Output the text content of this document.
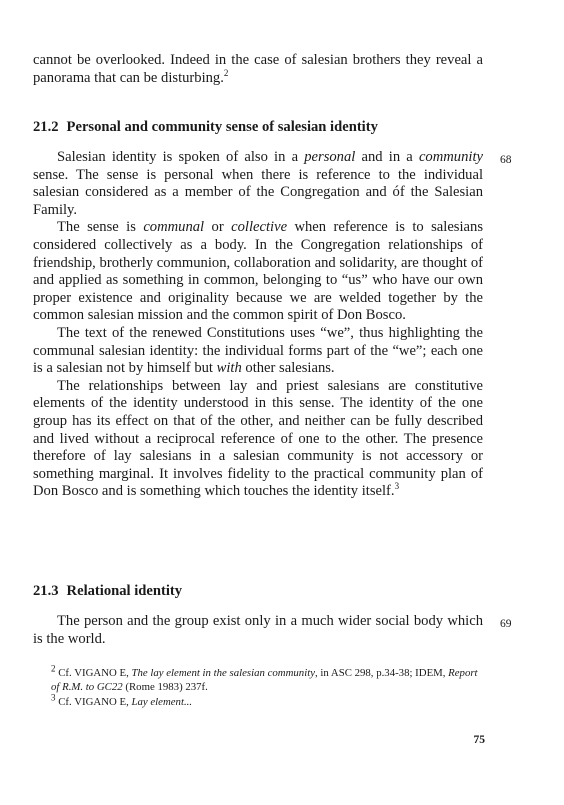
cannot be overlooked. Indeed in the case of salesian brothers they reveal a panorama that can be disturbing.$^2$

21.2 Personal and community sense of salesian identity
68

Salesian identity is spoken of also in a personal and in a community sense. The sense is personal when there is reference to the individual salesian considered as a member of the Congregation and óf the Salesian Family.

The sense is communal or collective when reference is to salesians considered collectively as a body. In the Congregation relationships of friendship, brotherly communion, collaboration and solidarity, are thought of and applied as something in common, belonging to “us” who have our own proper existence and originality because we are welded together by the common salesian mission and the common spirit of Don Bosco.

The text of the renewed Constitutions uses “we”, thus highlighting the communal salesian identity: the individual forms part of the “we”; each one is a salesian not by himself but with other salesians.

The relationships between lay and priest salesians are constitutive elements of the identity understood in this sense. The identity of the one group has its effect on that of the other, and neither can be fully described and lived without a reciprocal reference of one to the other. The presence therefore of lay salesians in a salesian community is not accessory or something marginal. It involves fidelity to the practical community plan of Don Bosco and is something which touches the identity itself.$^3$

21.3 Relational identity
69

The person and the group exist only in a much wider social body which is the world.

$^2$ Cf. VIGANO E, The lay element in the salesian community, in ASC 298, p.34-38; IDEM, Report of R.M. to GC22 (Rome 1983) 237f.
$^3$ Cf. VIGANO E, Lay element...
75
